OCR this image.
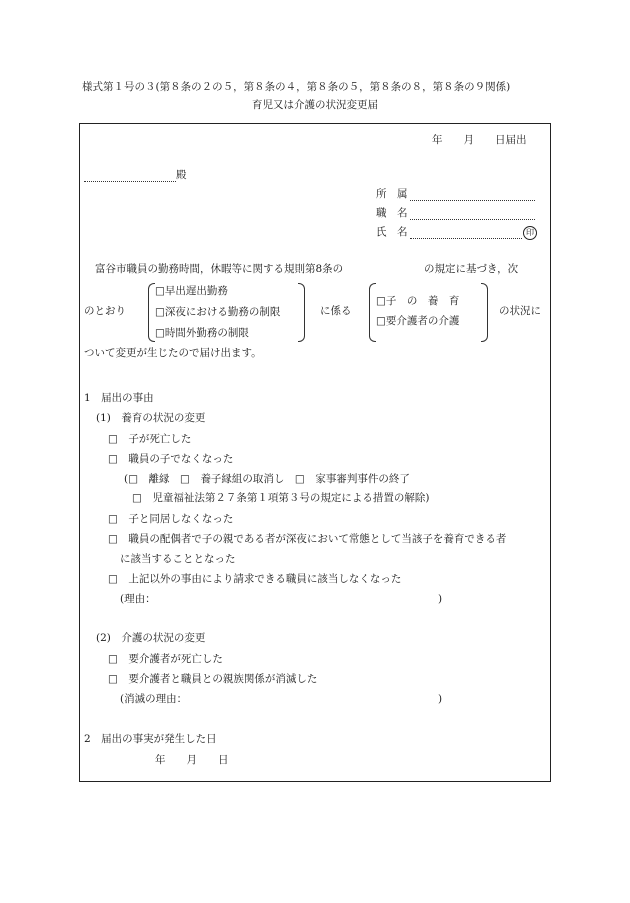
様式第１号の３(第８条の２の５，第８条の４，第８条の５，第８条の８，第８条の９関係)
育児又は介護の状況変更届
年　　月　　日届出
殿
所　属
職　名
氏　名	印
富谷市職員の勤務時間，休暇等に関する規則第8条の	の規定に基づき，次
のとおり
□早出遅出勤務
□深夜における勤務の制限
□時間外勤務の制限
に係る
□子　の　養　育
□要介護者の介護
の状況に
ついて変更が生じたので届け出ます。
1　届出の事由
(1)　養育の状況の変更
□　子が死亡した
□　職員の子でなくなった
(□　離縁　□　養子縁組の取消し　□　家事審判事件の終了
□　児童福祉法第２７条第１項第３号の規定による措置の解除)
□　子と同居しなくなった
□　職員の配偶者で子の親である者が深夜において常態として当該子を養育できる者
に該当することとなった
□　上記以外の事由により請求できる職員に該当しなくなった
(理由：	)
(2)　介護の状況の変更
□　要介護者が死亡した
□　要介護者と職員との親族関係が消滅した
(消滅の理由：	)
2　届出の事実が発生した日
年　　月　　日
